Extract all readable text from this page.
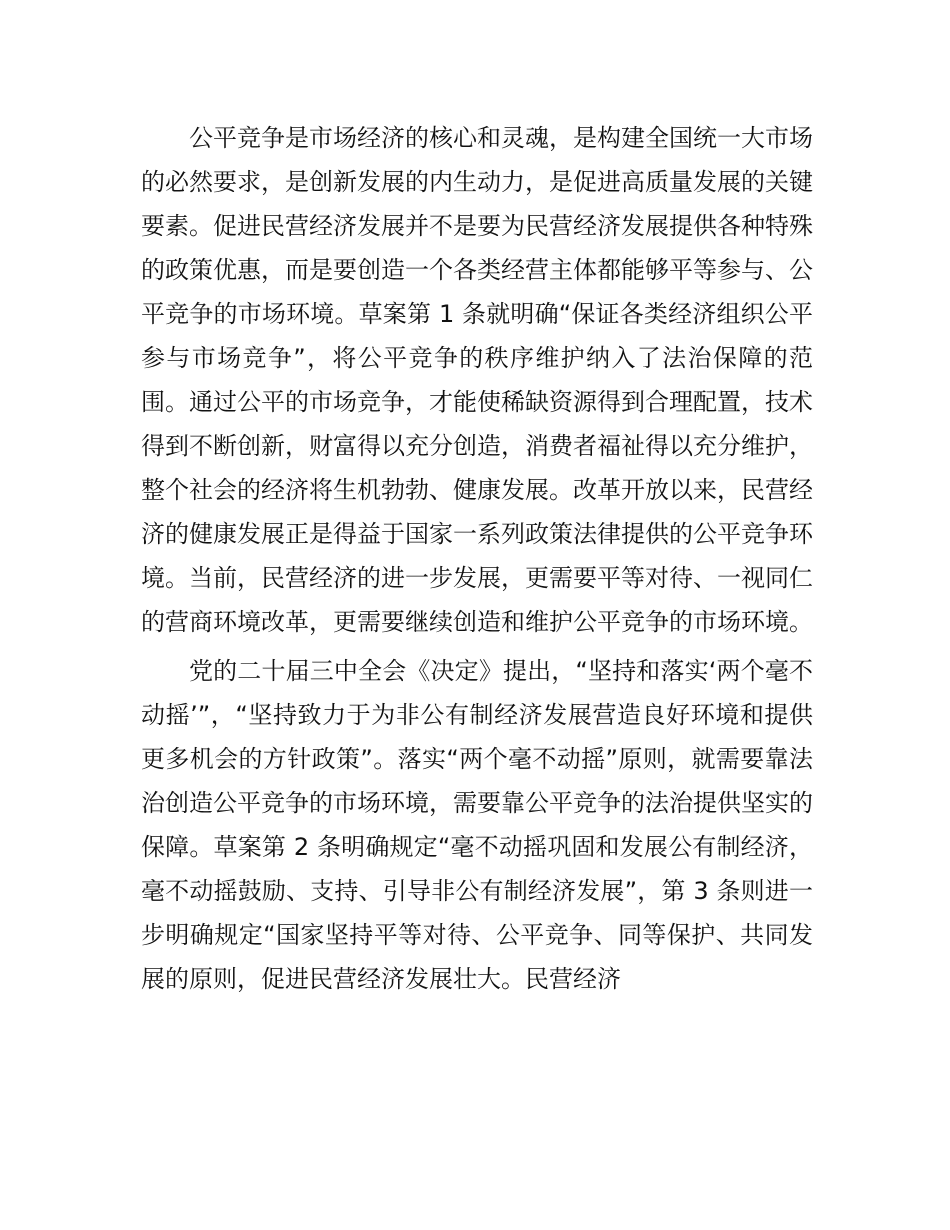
公平竞争是市场经济的核心和灵魂，是构建全国统一大市场的必然要求，是创新发展的内生动力，是促进高质量发展的关键要素。促进民营经济发展并不是要为民营经济发展提供各种特殊的政策优惠，而是要创造一个各类经营主体都能够平等参与、公平竞争的市场环境。草案第 1 条就明确“保证各类经济组织公平参与市场竞争”，将公平竞争的秩序维护纳入了法治保障的范围。通过公平的市场竞争，才能使稀缺资源得到合理配置，技术得到不断创新，财富得以充分创造，消费者福祉得以充分维护，整个社会的经济将生机勃勃、健康发展。改革开放以来，民营经济的健康发展正是得益于国家一系列政策法律提供的公平竞争环境。当前，民营经济的进一步发展，更需要平等对待、一视同仁的营商环境改革，更需要继续创造和维护公平竞争的市场环境。

党的二十届三中全会《决定》提出，“坚持和落实‘两个毫不动摇’”，“坚持致力于为非公有制经济发展营造良好环境和提供更多机会的方针政策”。落实“两个毫不动摇”原则，就需要靠法治创造公平竞争的市场环境，需要靠公平竞争的法治提供坚实的保障。草案第 2 条明确规定“毫不动摇巩固和发展公有制经济，毫不动摇鼓励、支持、引导非公有制经济发展”，第 3 条则进一步明确规定“国家坚持平等对待、公平竞争、同等保护、共同发展的原则，促进民营经济发展壮大。民营经济
